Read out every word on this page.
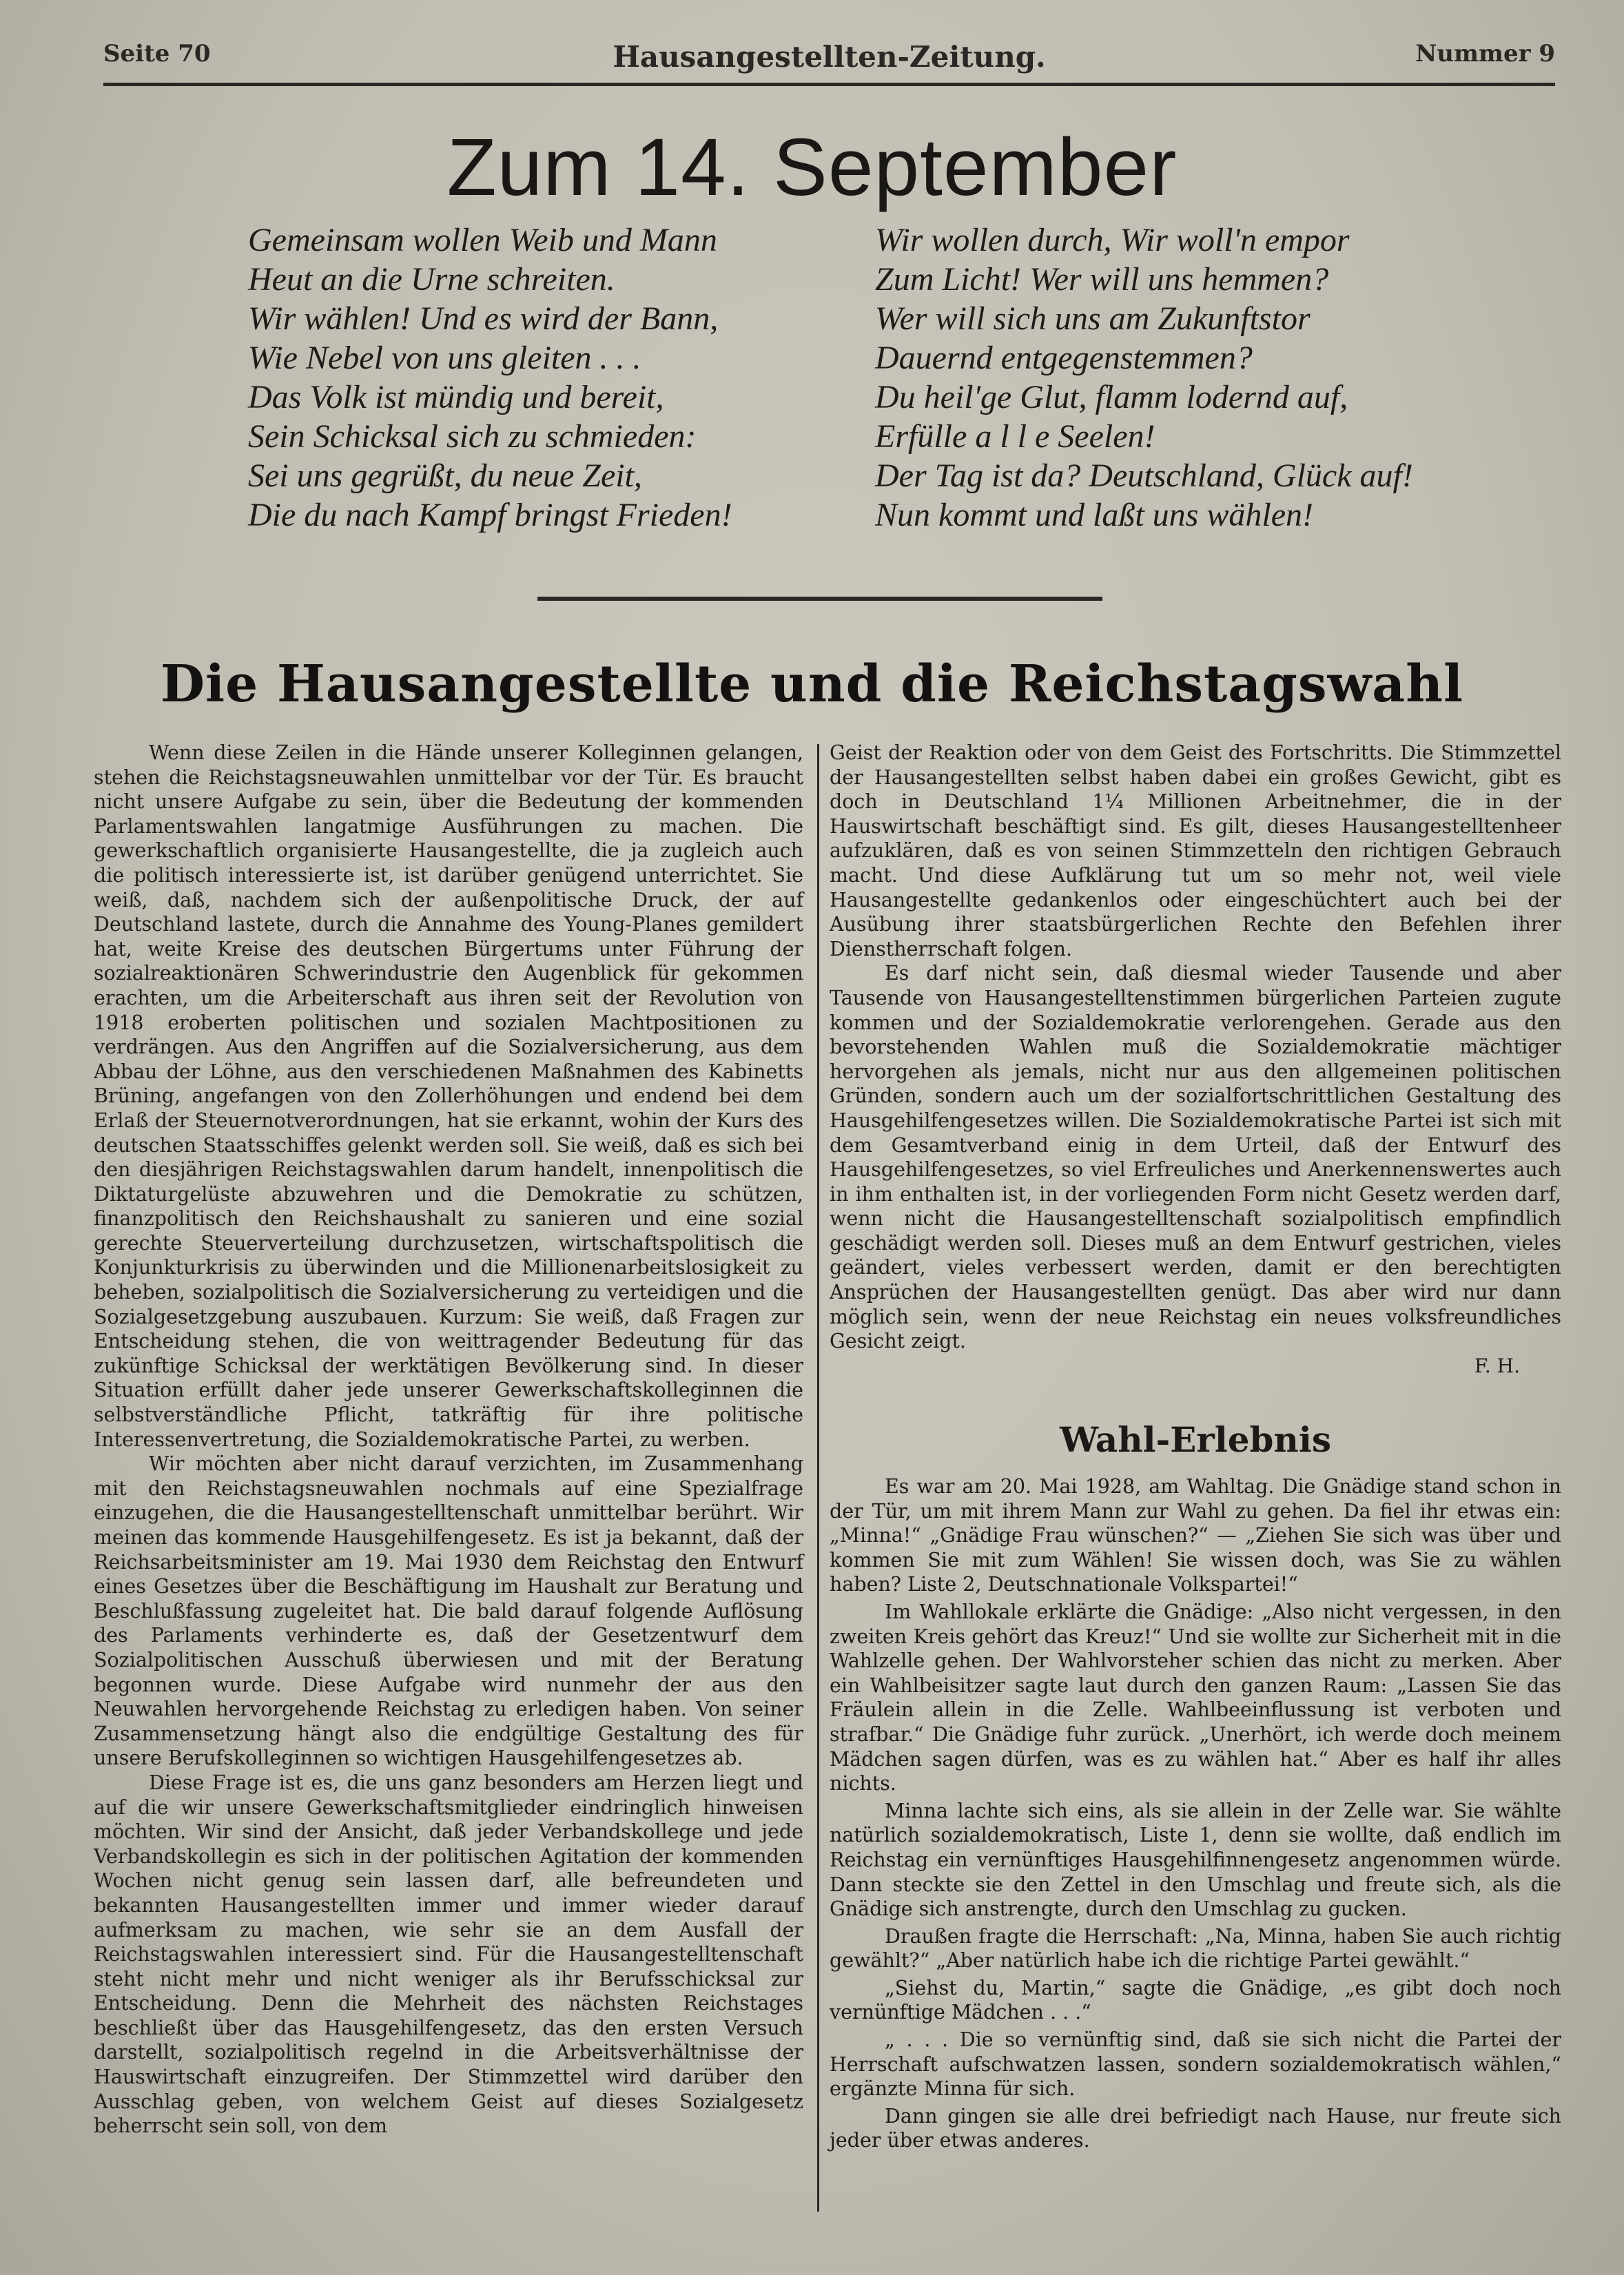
Seite 70	Hausangestellten-Zeitung.	Nummer 9
Zum 14. September
Gemeinsam wollen Weib und Mann
Heut an die Urne schreiten.
Wir wählen! Und es wird der Bann,
Wie Nebel von uns gleiten . . .
Das Volk ist mündig und bereit,
Sein Schicksal sich zu schmieden:
Sei uns gegrüßt, du neue Zeit,
Die du nach Kampf bringst Frieden!
Wir wollen durch, Wir woll'n empor
Zum Licht! Wer will uns hemmen?
Wer will sich uns am Zukunftstor
Dauernd entgegenstemmen?
Du heil'ge Glut, flamm lodernd auf,
Erfülle a l l e Seelen!
Der Tag ist da? Deutschland, Glück auf!
Nun kommt und laßt uns wählen!
Die Hausangestellte und die Reichstagswahl

Wenn diese Zeilen in die Hände unserer Kolleginnen gelangen, stehen die Reichstagsneuwahlen unmittelbar vor der Tür. Es braucht nicht unsere Aufgabe zu sein, über die Bedeutung der kommenden Parlamentswahlen langatmige Ausführungen zu machen. Die gewerkschaftlich organisierte Hausangestellte, die ja zugleich auch die politisch interessierte ist, ist darüber genügend unterrichtet. Sie weiß, daß, nachdem sich der außenpolitische Druck, der auf Deutschland lastete, durch die Annahme des Young-Planes gemildert hat, weite Kreise des deutschen Bürgertums unter Führung der sozialreaktionären Schwerindustrie den Augenblick für gekommen erachten, um die Arbeiterschaft aus ihren seit der Revolution von 1918 eroberten politischen und sozialen Machtpositionen zu verdrängen. Aus den Angriffen auf die Sozialversicherung, aus dem Abbau der Löhne, aus den verschiedenen Maßnahmen des Kabinetts Brüning, angefangen von den Zollerhöhungen und endend bei dem Erlaß der Steuernotverordnungen, hat sie erkannt, wohin der Kurs des deutschen Staatsschiffes gelenkt werden soll. Sie weiß, daß es sich bei den diesjährigen Reichstagswahlen darum handelt, innenpolitisch die Diktaturgelüste abzuwehren und die Demokratie zu schützen, finanzpolitisch den Reichshaushalt zu sanieren und eine sozial gerechte Steuerverteilung durchzusetzen, wirtschaftspolitisch die Konjunkturkrisis zu überwinden und die Millionenarbeitslosigkeit zu beheben, sozialpolitisch die Sozialversicherung zu verteidigen und die Sozialgesetzgebung auszubauen. Kurzum: Sie weiß, daß Fragen zur Entscheidung stehen, die von weittragender Bedeutung für das zukünftige Schicksal der werktätigen Bevölkerung sind. In dieser Situation erfüllt daher jede unserer Gewerkschaftskolleginnen die selbstverständliche Pflicht, tatkräftig für ihre politische Interessenvertretung, die Sozialdemokratische Partei, zu werben.

Wir möchten aber nicht darauf verzichten, im Zusammenhang mit den Reichstagsneuwahlen nochmals auf eine Spezialfrage einzugehen, die die Hausangestelltenschaft unmittelbar berührt. Wir meinen das kommende Hausgehilfengesetz. Es ist ja bekannt, daß der Reichsarbeitsminister am 19. Mai 1930 dem Reichstag den Entwurf eines Gesetzes über die Beschäftigung im Haushalt zur Beratung und Beschlußfassung zugeleitet hat. Die bald darauf folgende Auflösung des Parlaments verhinderte es, daß der Gesetzentwurf dem Sozialpolitischen Ausschuß überwiesen und mit der Beratung begonnen wurde. Diese Aufgabe wird nunmehr der aus den Neuwahlen hervorgehende Reichstag zu erledigen haben. Von seiner Zusammensetzung hängt also die endgültige Gestaltung des für unsere Berufskolleginnen so wichtigen Hausgehilfengesetzes ab.

Diese Frage ist es, die uns ganz besonders am Herzen liegt und auf die wir unsere Gewerkschaftsmitglieder eindringlich hinweisen möchten. Wir sind der Ansicht, daß jeder Verbandskollege und jede Verbandskollegin es sich in der politischen Agitation der kommenden Wochen nicht genug sein lassen darf, alle befreundeten und bekannten Hausangestellten immer und immer wieder darauf aufmerksam zu machen, wie sehr sie an dem Ausfall der Reichstagswahlen interessiert sind. Für die Hausangestelltenschaft steht nicht mehr und nicht weniger als ihr Berufsschicksal zur Entscheidung. Denn die Mehrheit des nächsten Reichstages beschließt über das Hausgehilfengesetz, das den ersten Versuch darstellt, sozialpolitisch regelnd in die Arbeitsverhältnisse der Hauswirtschaft einzugreifen. Der Stimmzettel wird darüber den Ausschlag geben, von welchem Geist auf dieses Sozialgesetz beherrscht sein soll, von dem

Geist der Reaktion oder von dem Geist des Fortschritts. Die Stimmzettel der Hausangestellten selbst haben dabei ein großes Gewicht, gibt es doch in Deutschland 1¼ Millionen Arbeitnehmer, die in der Hauswirtschaft beschäftigt sind. Es gilt, dieses Hausangestelltenheer aufzuklären, daß es von seinen Stimmzetteln den richtigen Gebrauch macht. Und diese Aufklärung tut um so mehr not, weil viele Hausangestellte gedankenlos oder eingeschüchtert auch bei der Ausübung ihrer staatsbürgerlichen Rechte den Befehlen ihrer Dienstherrschaft folgen.

Es darf nicht sein, daß diesmal wieder Tausende und aber Tausende von Hausangestelltenstimmen bürgerlichen Parteien zugute kommen und der Sozialdemokratie verlorengehen. Gerade aus den bevorstehenden Wahlen muß die Sozialdemokratie mächtiger hervorgehen als jemals, nicht nur aus den allgemeinen politischen Gründen, sondern auch um der sozialfortschrittlichen Gestaltung des Hausgehilfengesetzes willen. Die Sozialdemokratische Partei ist sich mit dem Gesamtverband einig in dem Urteil, daß der Entwurf des Hausgehilfengesetzes, so viel Erfreuliches und Anerkennenswertes auch in ihm enthalten ist, in der vorliegenden Form nicht Gesetz werden darf, wenn nicht die Hausangestelltenschaft sozialpolitisch empfindlich geschädigt werden soll. Dieses muß an dem Entwurf gestrichen, vieles geändert, vieles verbessert werden, damit er den berechtigten Ansprüchen der Hausangestellten genügt. Das aber wird nur dann möglich sein, wenn der neue Reichstag ein neues volksfreundliches Gesicht zeigt.

F. H.
Wahl-Erlebnis

Es war am 20. Mai 1928, am Wahltag. Die Gnädige stand schon in der Tür, um mit ihrem Mann zur Wahl zu gehen. Da fiel ihr etwas ein: „Minna!“ „Gnädige Frau wünschen?“ — „Ziehen Sie sich was über und kommen Sie mit zum Wählen! Sie wissen doch, was Sie zu wählen haben? Liste 2, Deutschnationale Volkspartei!“

Im Wahllokale erklärte die Gnädige: „Also nicht vergessen, in den zweiten Kreis gehört das Kreuz!“ Und sie wollte zur Sicherheit mit in die Wahlzelle gehen. Der Wahlvorsteher schien das nicht zu merken. Aber ein Wahlbeisitzer sagte laut durch den ganzen Raum: „Lassen Sie das Fräulein allein in die Zelle. Wahlbeeinflussung ist verboten und strafbar.“ Die Gnädige fuhr zurück. „Unerhört, ich werde doch meinem Mädchen sagen dürfen, was es zu wählen hat.“ Aber es half ihr alles nichts.

Minna lachte sich eins, als sie allein in der Zelle war. Sie wählte natürlich sozialdemokratisch, Liste 1, denn sie wollte, daß endlich im Reichstag ein vernünftiges Hausgehilfinnengesetz angenommen würde. Dann steckte sie den Zettel in den Umschlag und freute sich, als die Gnädige sich anstrengte, durch den Umschlag zu gucken.

Draußen fragte die Herrschaft: „Na, Minna, haben Sie auch richtig gewählt?“ „Aber natürlich habe ich die richtige Partei gewählt.“

„Siehst du, Martin,“ sagte die Gnädige, „es gibt doch noch vernünftige Mädchen . . .“

„ . . . Die so vernünftig sind, daß sie sich nicht die Partei der Herrschaft aufschwatzen lassen, sondern sozialdemokratisch wählen,“ ergänzte Minna für sich.

Dann gingen sie alle drei befriedigt nach Hause, nur freute sich jeder über etwas anderes.
